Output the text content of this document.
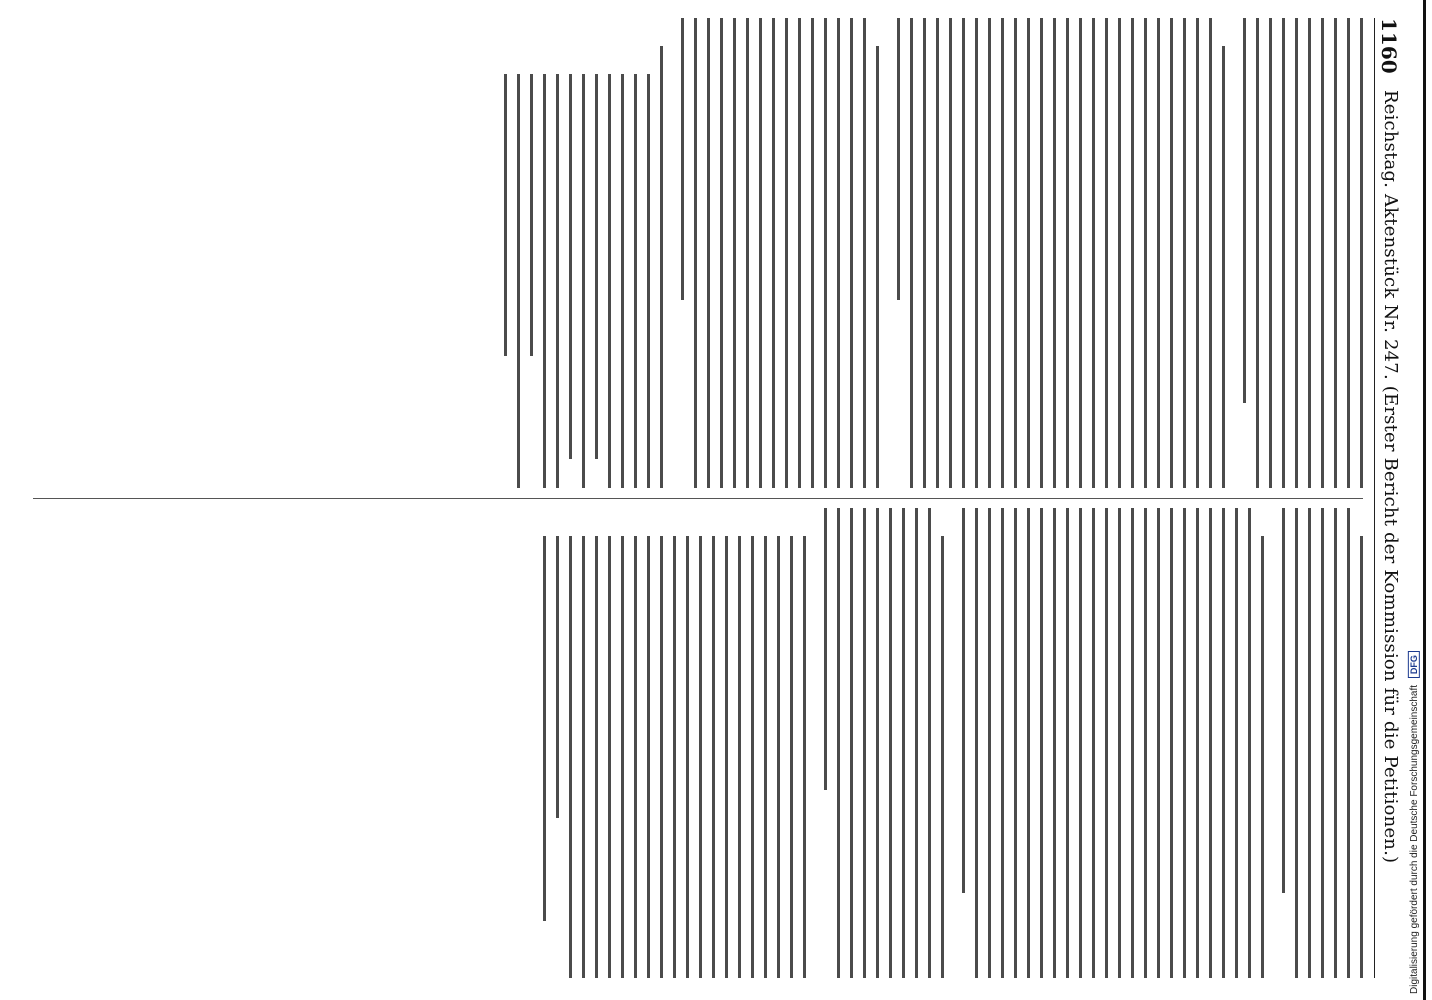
1160
Reichstag. Aktenstück Nr. 247. (Erster Bericht der Kommission für die Petitionen.) Digitalisierung gefördert durch die Deutsche Forschungsgemeinschaft DFG
